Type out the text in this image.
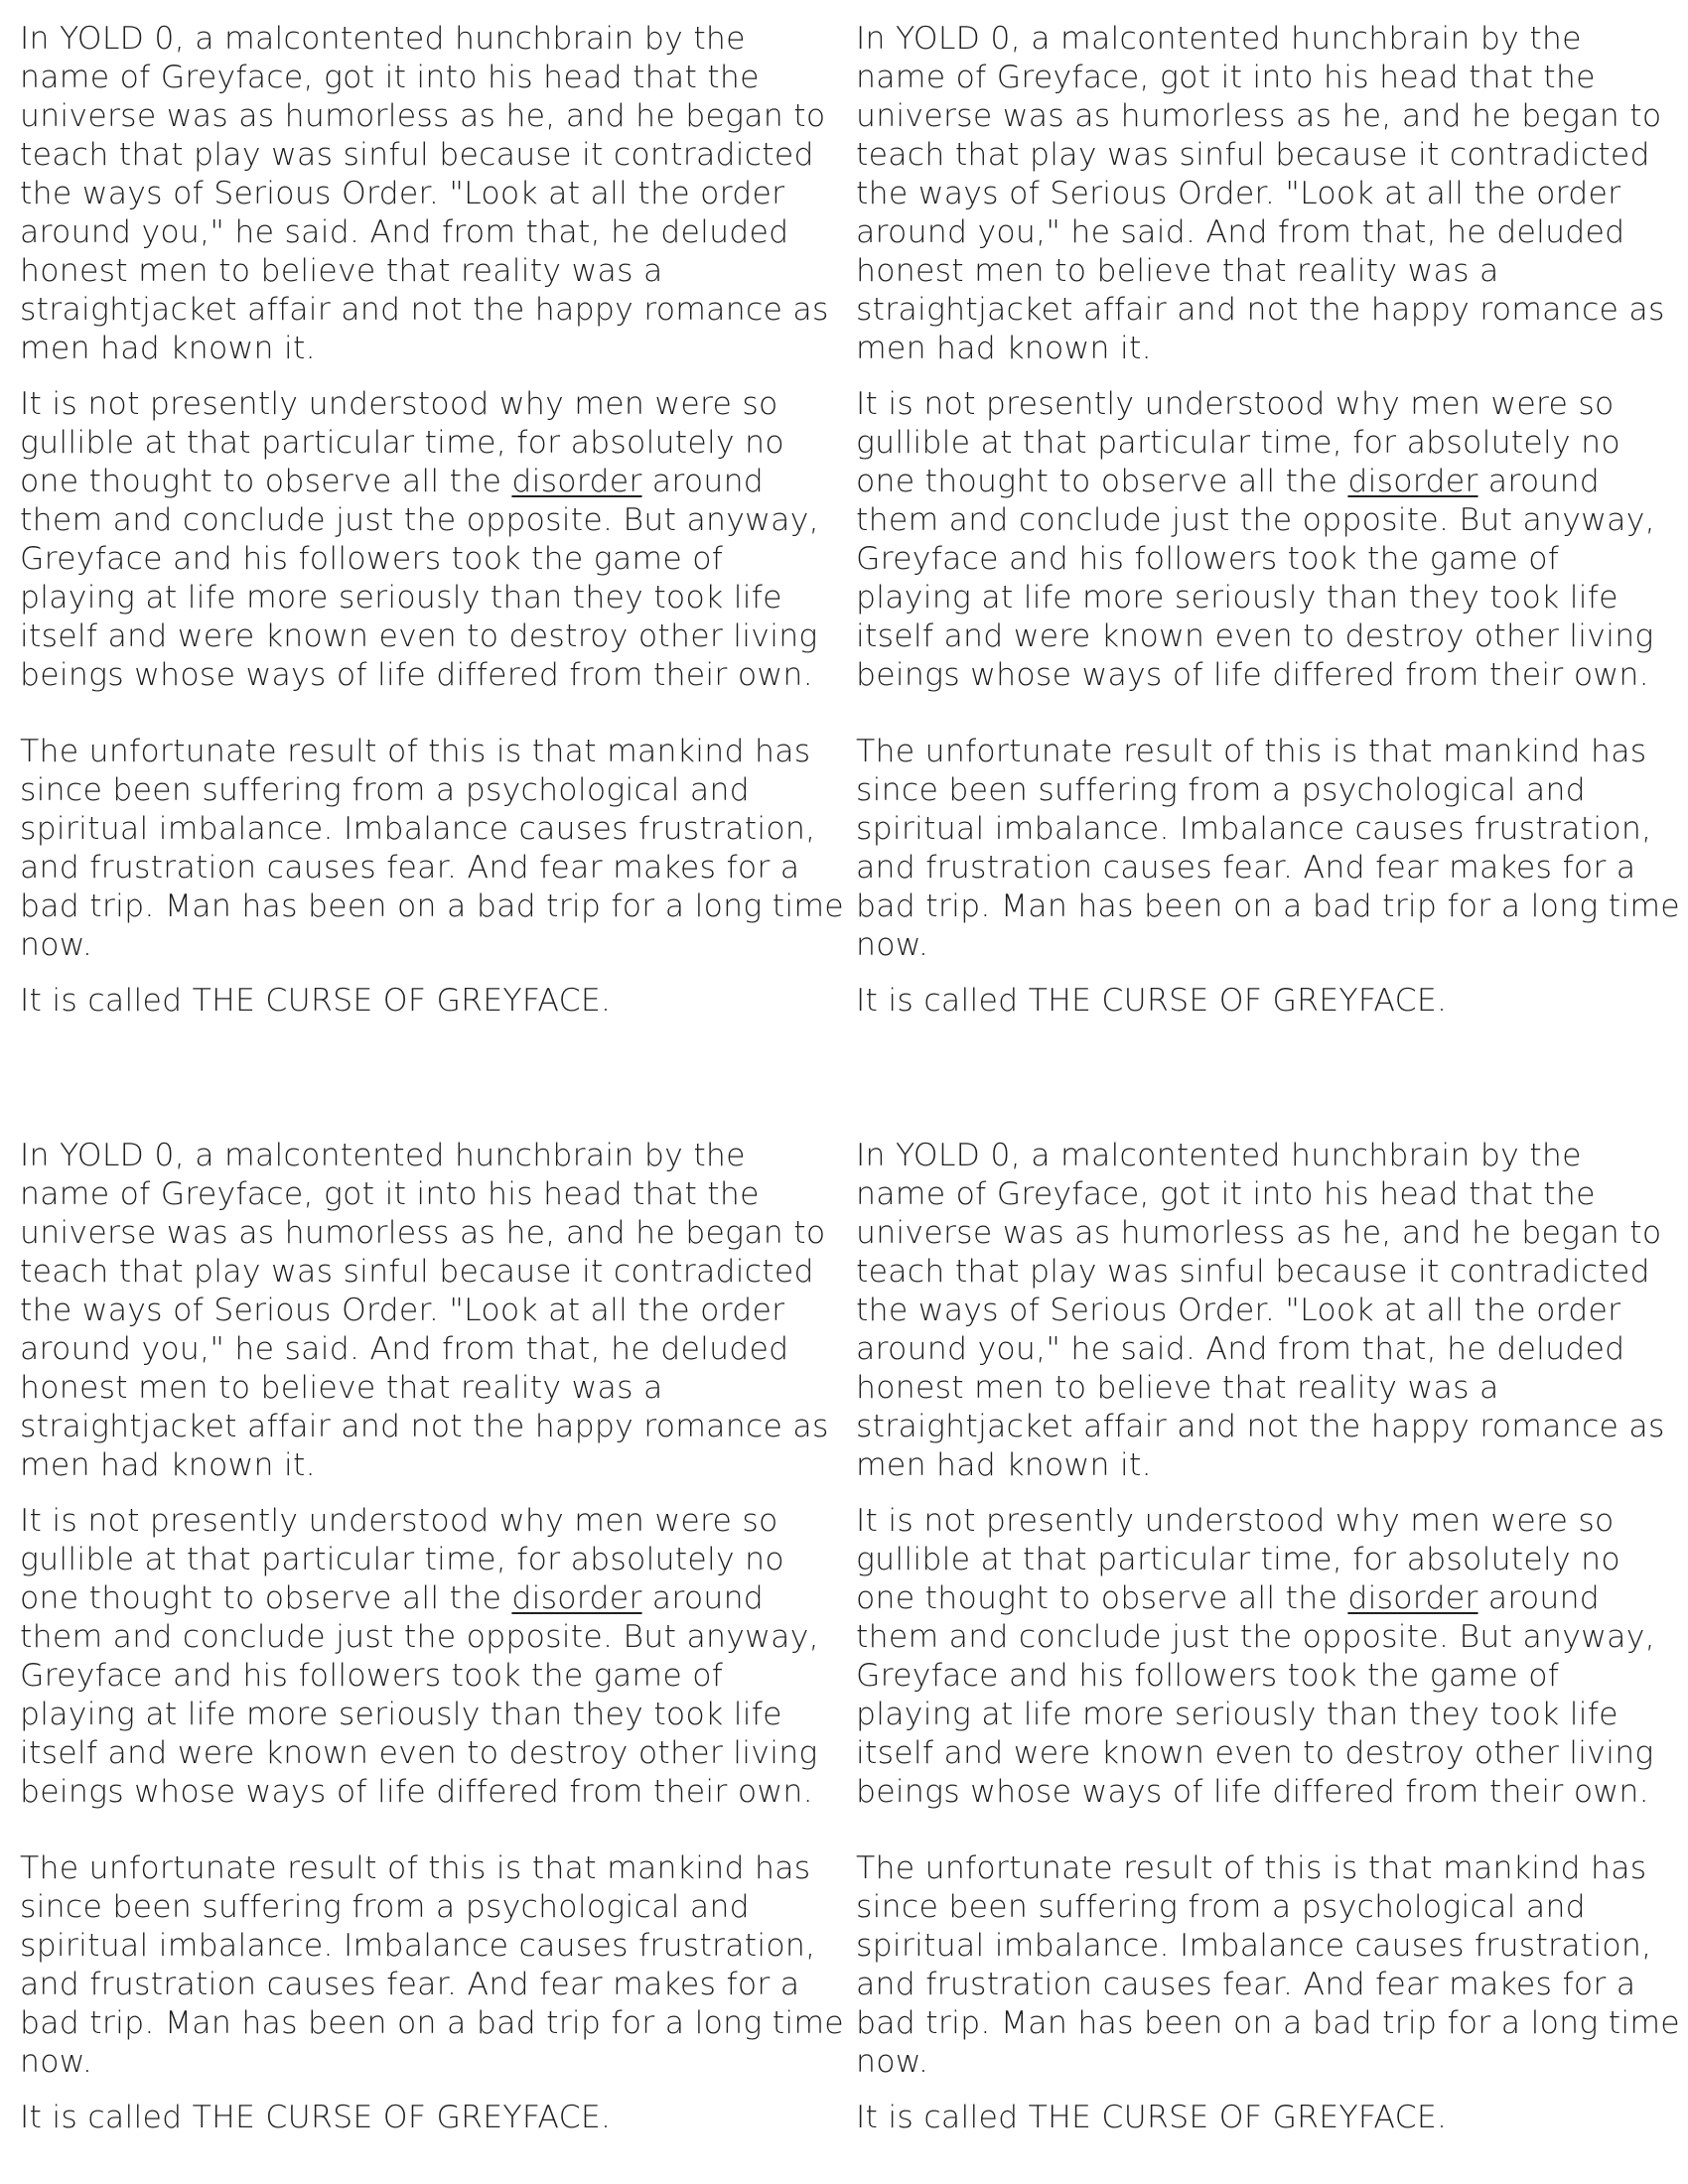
In YOLD 0, a malcontented hunchbrain by the name of Greyface, got it into his head that the universe was as humorless as he, and he began to teach that play was sinful because it contradicted the ways of Serious Order. "Look at all the order around you," he said. And from that, he deluded honest men to believe that reality was a straightjacket affair and not the happy romance as men had known it.

It is not presently understood why men were so gullible at that particular time, for absolutely no one thought to observe all the disorder around them and conclude just the opposite. But anyway, Greyface and his followers took the game of playing at life more seriously than they took life itself and were known even to destroy other living beings whose ways of life differed from their own.

The unfortunate result of this is that mankind has since been suffering from a psychological and spiritual imbalance. Imbalance causes frustration, and frustration causes fear. And fear makes for a bad trip. Man has been on a bad trip for a long time now.

It is called THE CURSE OF GREYFACE.

In YOLD 0, a malcontented hunchbrain by the name of Greyface, got it into his head that the universe was as humorless as he, and he began to teach that play was sinful because it contradicted the ways of Serious Order. "Look at all the order around you," he said. And from that, he deluded honest men to believe that reality was a straightjacket affair and not the happy romance as men had known it.

It is not presently understood why men were so gullible at that particular time, for absolutely no one thought to observe all the disorder around them and conclude just the opposite. But anyway, Greyface and his followers took the game of playing at life more seriously than they took life itself and were known even to destroy other living beings whose ways of life differed from their own.

The unfortunate result of this is that mankind has since been suffering from a psychological and spiritual imbalance. Imbalance causes frustration, and frustration causes fear. And fear makes for a bad trip. Man has been on a bad trip for a long time now.

It is called THE CURSE OF GREYFACE.

In YOLD 0, a malcontented hunchbrain by the name of Greyface, got it into his head that the universe was as humorless as he, and he began to teach that play was sinful because it contradicted the ways of Serious Order. "Look at all the order around you," he said. And from that, he deluded honest men to believe that reality was a straightjacket affair and not the happy romance as men had known it.

It is not presently understood why men were so gullible at that particular time, for absolutely no one thought to observe all the disorder around them and conclude just the opposite. But anyway, Greyface and his followers took the game of playing at life more seriously than they took life itself and were known even to destroy other living beings whose ways of life differed from their own.

The unfortunate result of this is that mankind has since been suffering from a psychological and spiritual imbalance. Imbalance causes frustration, and frustration causes fear. And fear makes for a bad trip. Man has been on a bad trip for a long time now.

It is called THE CURSE OF GREYFACE.

In YOLD 0, a malcontented hunchbrain by the name of Greyface, got it into his head that the universe was as humorless as he, and he began to teach that play was sinful because it contradicted the ways of Serious Order. "Look at all the order around you," he said. And from that, he deluded honest men to believe that reality was a straightjacket affair and not the happy romance as men had known it.

It is not presently understood why men were so gullible at that particular time, for absolutely no one thought to observe all the disorder around them and conclude just the opposite. But anyway, Greyface and his followers took the game of playing at life more seriously than they took life itself and were known even to destroy other living beings whose ways of life differed from their own.

The unfortunate result of this is that mankind has since been suffering from a psychological and spiritual imbalance. Imbalance causes frustration, and frustration causes fear. And fear makes for a bad trip. Man has been on a bad trip for a long time now.

It is called THE CURSE OF GREYFACE.
